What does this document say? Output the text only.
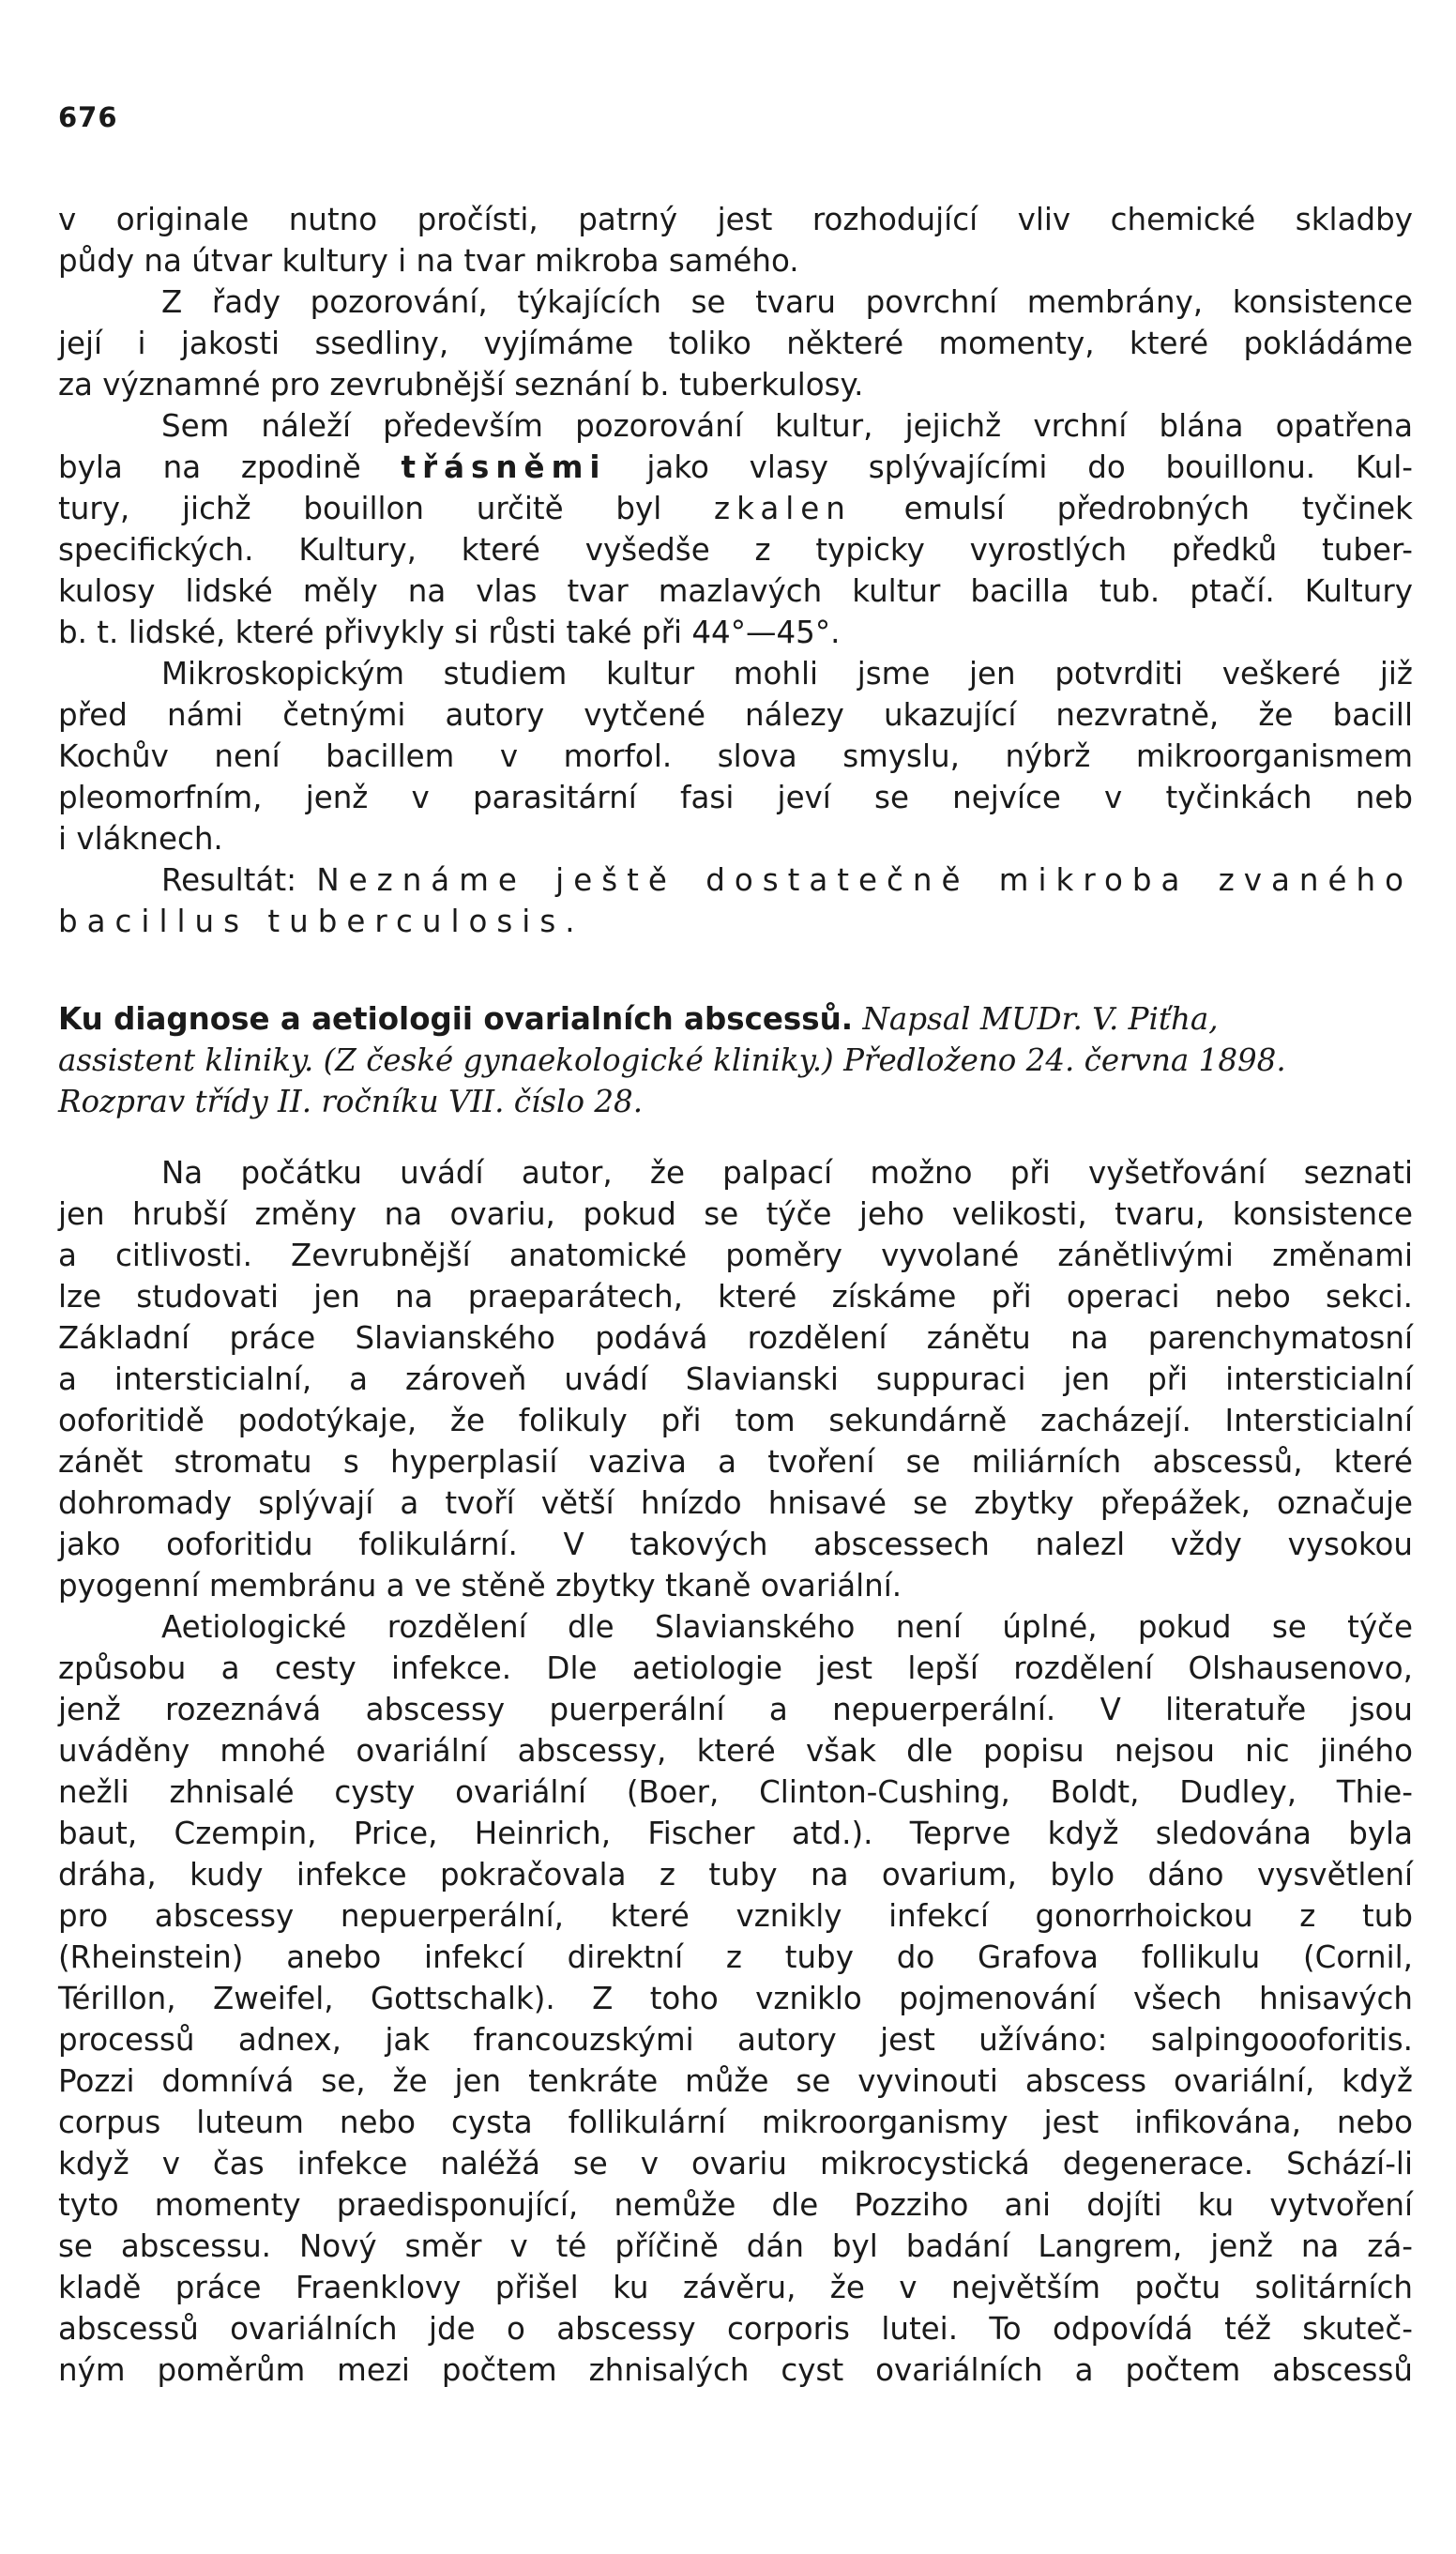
676
v originale nutno pročísti, patrný jest rozhodující vliv chemické skladby
půdy na útvar kultury i na tvar mikroba samého.
Z řady pozorování, týkajících se tvaru povrchní membrány, konsistence
její i jakosti ssedliny, vyjímáme toliko některé momenty, které pokládáme
za významné pro zevrubnější seznání b. tuberkulosy.
Sem náleží především pozorování kultur, jejichž vrchní blána opatřena
byla na zpodině třásněmi jako vlasy splývajícími do bouillonu. Kul-
tury, jichž bouillon určitě byl zkalen emulsí předrobných tyčinek
specifických. Kultury, které vyšedše z typicky vyrostlých předků tuber-
kulosy lidské měly na vlas tvar mazlavých kultur bacilla tub. ptačí. Kultury
b. t. lidské, které přivykly si růsti také při 44°—45°.
Mikroskopickým studiem kultur mohli jsme jen potvrditi veškeré již
před námi četnými autory vytčené nálezy ukazující nezvratně, že bacill
Kochův není bacillem v morfol. slova smyslu, nýbrž mikroorganismem
pleomorfním, jenž v parasitární fasi jeví se nejvíce v tyčinkách neb
i vláknech.
Resultát: Neznáme ještě dostatečně mikroba zvaného
bacillus tuberculosis.
Ku diagnose a aetiologii ovarialních abscessů. Napsal MUDr. V. Piťha,
assistent kliniky. (Z české gynaekologické kliniky.) Předloženo 24. června 1898.
Rozprav třídy II. ročníku VII. číslo 28.
Na počátku uvádí autor, že palpací možno při vyšetřování seznati
jen hrubší změny na ovariu, pokud se týče jeho velikosti, tvaru, konsistence
a citlivosti. Zevrubnější anatomické poměry vyvolané zánětlivými změnami
lze studovati jen na praeparátech, které získáme při operaci nebo sekci.
Základní práce Slavianského podává rozdělení zánětu na parenchymatosní
a intersticialní, a zároveň uvádí Slavianski suppuraci jen při intersticialní
ooforitidě podotýkaje, že folikuly při tom sekundárně zacházejí. Intersticialní
zánět stromatu s hyperplasií vaziva a tvoření se miliárních abscessů, které
dohromady splývají a tvoří větší hnízdo hnisavé se zbytky přepážek, označuje
jako ooforitidu folikulární. V takových abscessech nalezl vždy vysokou
pyogenní membránu a ve stěně zbytky tkaně ovariální.
Aetiologické rozdělení dle Slavianského není úplné, pokud se týče
způsobu a cesty infekce. Dle aetiologie jest lepší rozdělení Olshausenovo,
jenž rozeznává abscessy puerperální a nepuerperální. V literatuře jsou
uváděny mnohé ovariální abscessy, které však dle popisu nejsou nic jiného
nežli zhnisalé cysty ovariální (Boer, Clinton-Cushing, Boldt, Dudley, Thie-
baut, Czempin, Price, Heinrich, Fischer atd.). Teprve když sledována byla
dráha, kudy infekce pokračovala z tuby na ovarium, bylo dáno vysvětlení
pro abscessy nepuerperální, které vznikly infekcí gonorrhoickou z tub
(Rheinstein) anebo infekcí direktní z tuby do Grafova follikulu (Cornil,
Térillon, Zweifel, Gottschalk). Z toho vzniklo pojmenování všech hnisavých
processů adnex, jak francouzskými autory jest užíváno: salpingoooforitis.
Pozzi domnívá se, že jen tenkráte může se vyvinouti abscess ovariální, když
corpus luteum nebo cysta follikulární mikroorganismy jest infikována, nebo
když v čas infekce naléžá se v ovariu mikrocystická degenerace. Schází-li
tyto momenty praedisponující, nemůže dle Pozziho ani dojíti ku vytvoření
se abscessu. Nový směr v té příčině dán byl badání Langrem, jenž na zá-
kladě práce Fraenklovy přišel ku závěru, že v největším počtu solitárních
abscessů ovariálních jde o abscessy corporis lutei. To odpovídá též skuteč-
ným poměrům mezi počtem zhnisalých cyst ovariálních a počtem abscessů
